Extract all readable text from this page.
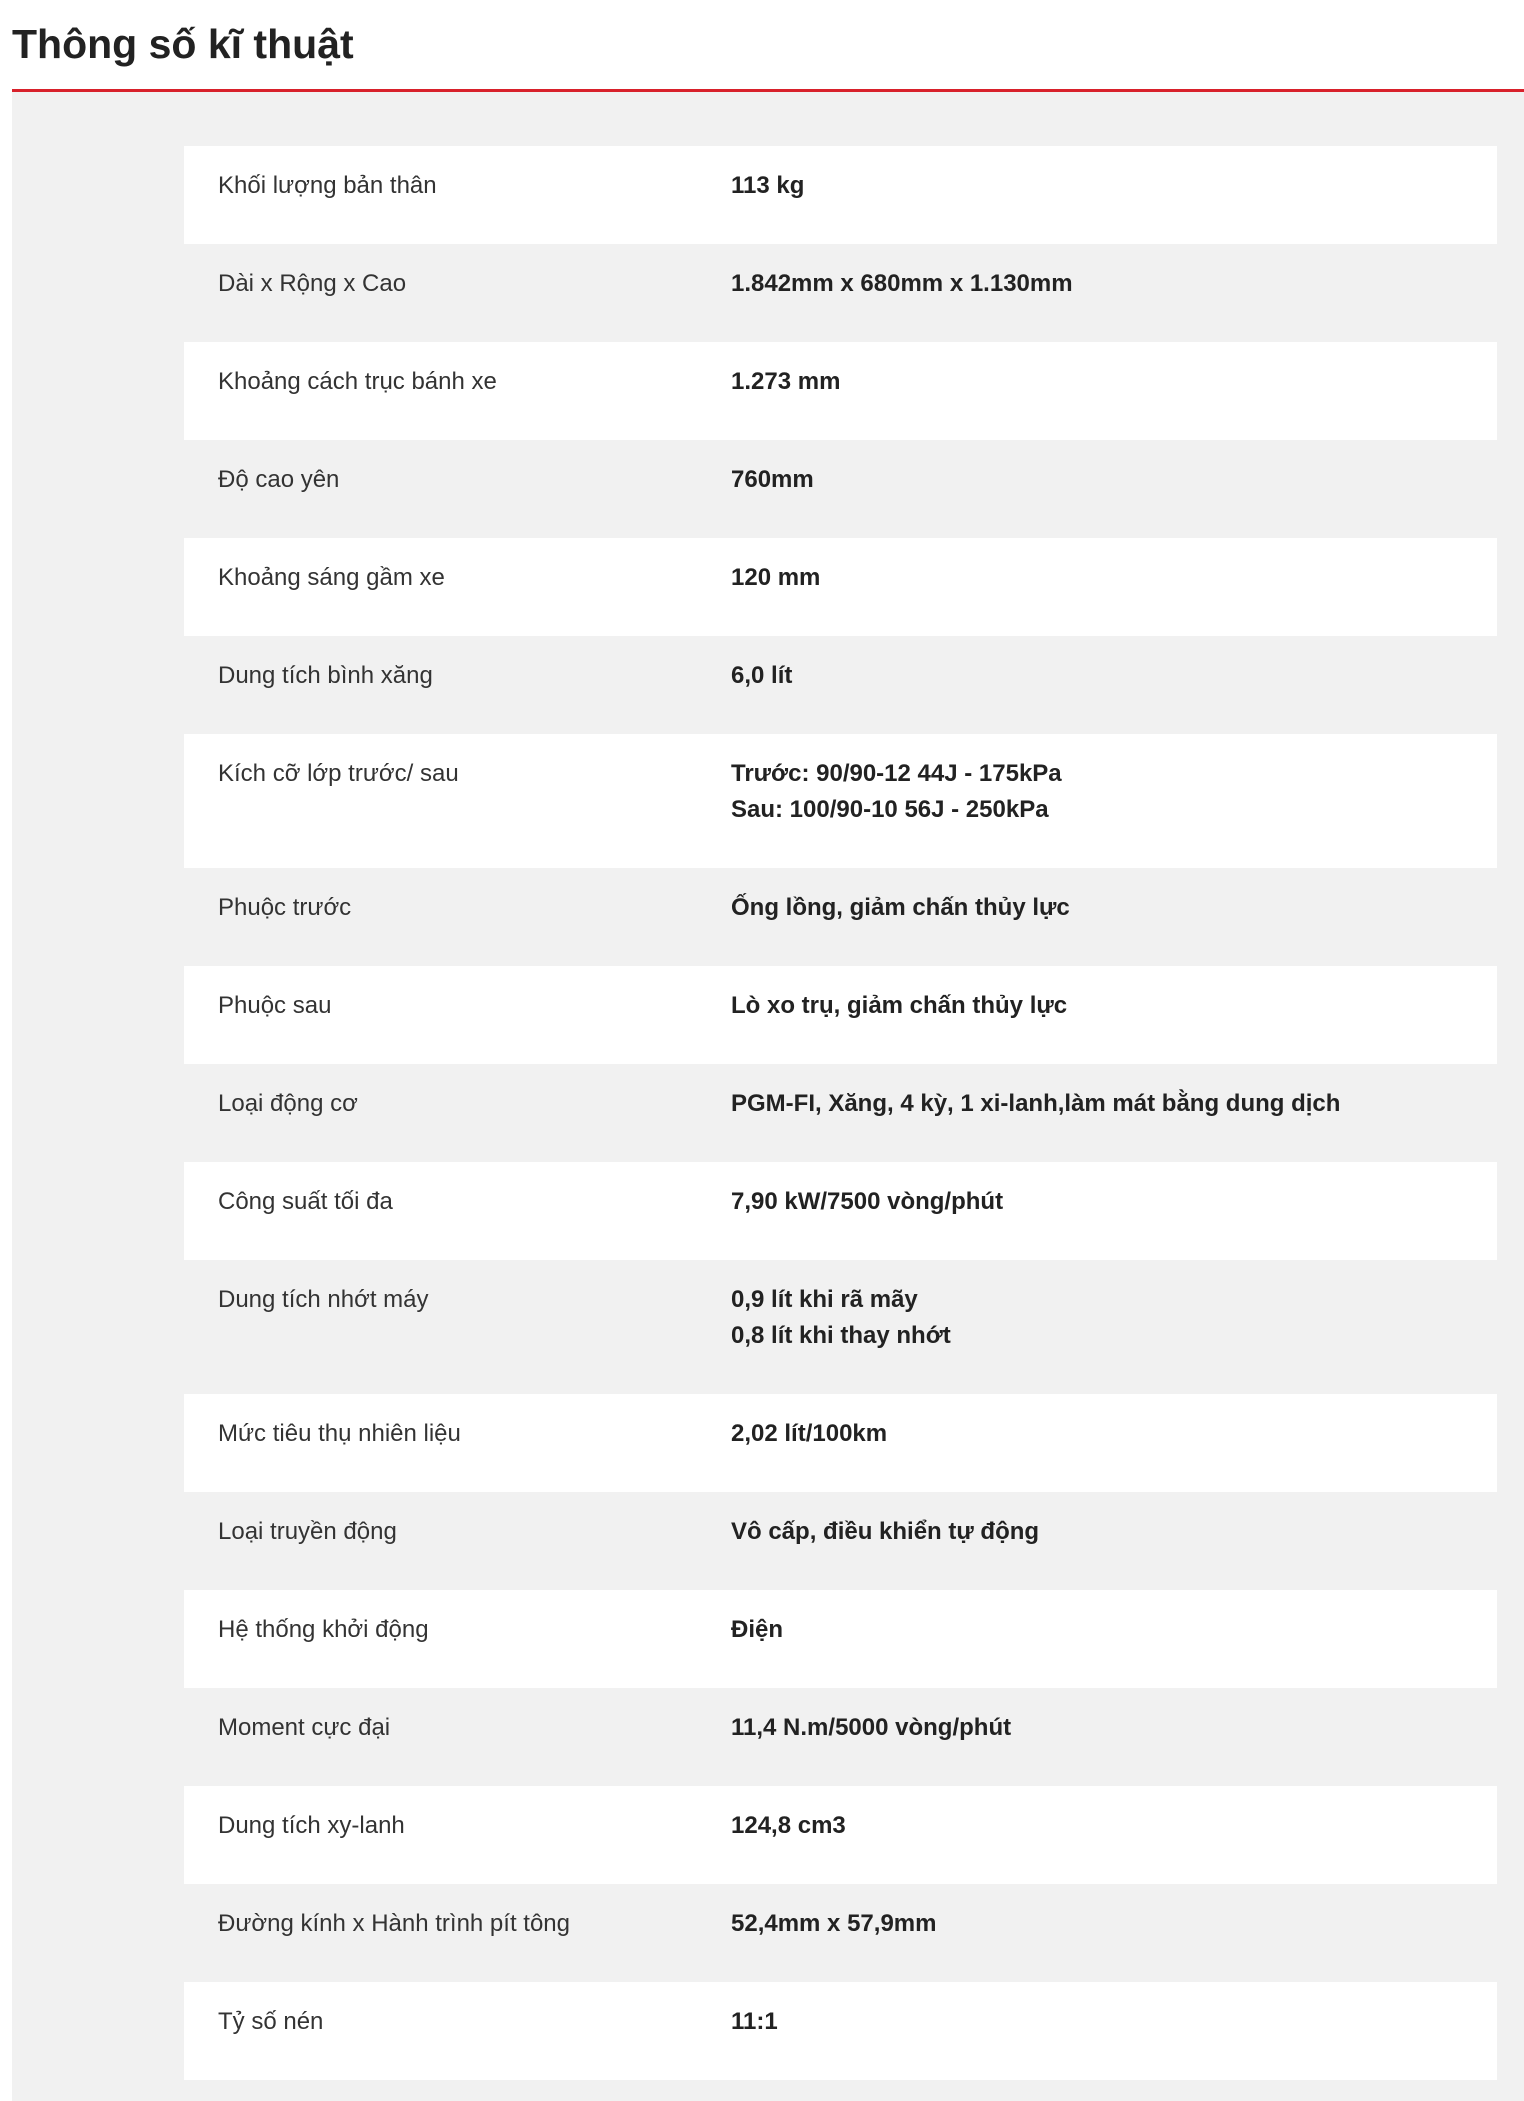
Thông số kĩ thuật
Khối lượng bản thân	113 kg
Dài x Rộng x Cao	1.842mm x 680mm x 1.130mm
Khoảng cách trục bánh xe	1.273 mm
Độ cao yên	760mm
Khoảng sáng gầm xe	120 mm
Dung tích bình xăng	6,0 lít
Kích cỡ lớp trước/ sau	Trước: 90/90-12 44J - 175kPa
Sau: 100/90-10 56J - 250kPa
Phuộc trước	Ống lồng, giảm chấn thủy lực
Phuộc sau	Lò xo trụ, giảm chấn thủy lực
Loại động cơ	PGM-FI, Xăng, 4 kỳ, 1 xi-lanh,làm mát bằng dung dịch
Công suất tối đa	7,90 kW/7500 vòng/phút
Dung tích nhớt máy	0,9 lít khi rã mãy
0,8 lít khi thay nhớt
Mức tiêu thụ nhiên liệu	2,02 lít/100km
Loại truyền động	Vô cấp, điều khiển tự động
Hệ thống khởi động	Điện
Moment cực đại	11,4 N.m/5000 vòng/phút
Dung tích xy-lanh	124,8 cm3
Đường kính x Hành trình pít tông	52,4mm x 57,9mm
Tỷ số nén	11:1
